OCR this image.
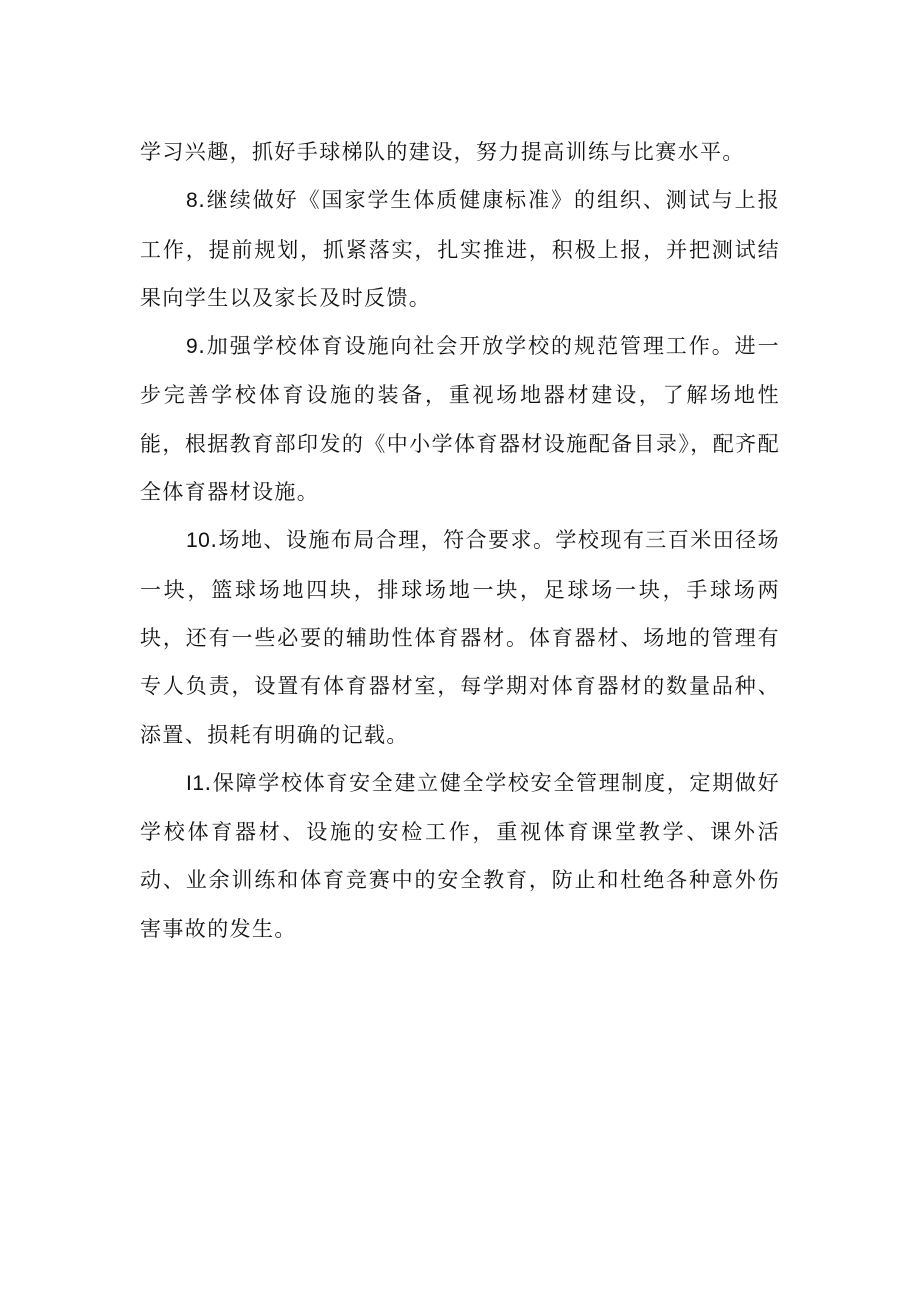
学习兴趣，抓好手球梯队的建设，努力提高训练与比赛水平。

8.继续做好《国家学生体质健康标准》的组织、测试与上报工作，提前规划，抓紧落实，扎实推进，积极上报，并把测试结果向学生以及家长及时反馈。

9.加强学校体育设施向社会开放学校的规范管理工作。进一步完善学校体育设施的装备，重视场地器材建设，了解场地性能，根据教育部印发的《中小学体育器材设施配备目录》，配齐配全体育器材设施。

10.场地、设施布局合理，符合要求。学校现有三百米田径场一块，篮球场地四块，排球场地一块，足球场一块，手球场两块，还有一些必要的辅助性体育器材。体育器材、场地的管理有专人负责，设置有体育器材室，每学期对体育器材的数量品种、添置、损耗有明确的记载。

I1.保障学校体育安全建立健全学校安全管理制度，定期做好学校体育器材、设施的安检工作，重视体育课堂教学、课外活动、业余训练和体育竞赛中的安全教育，防止和杜绝各种意外伤害事故的发生。
